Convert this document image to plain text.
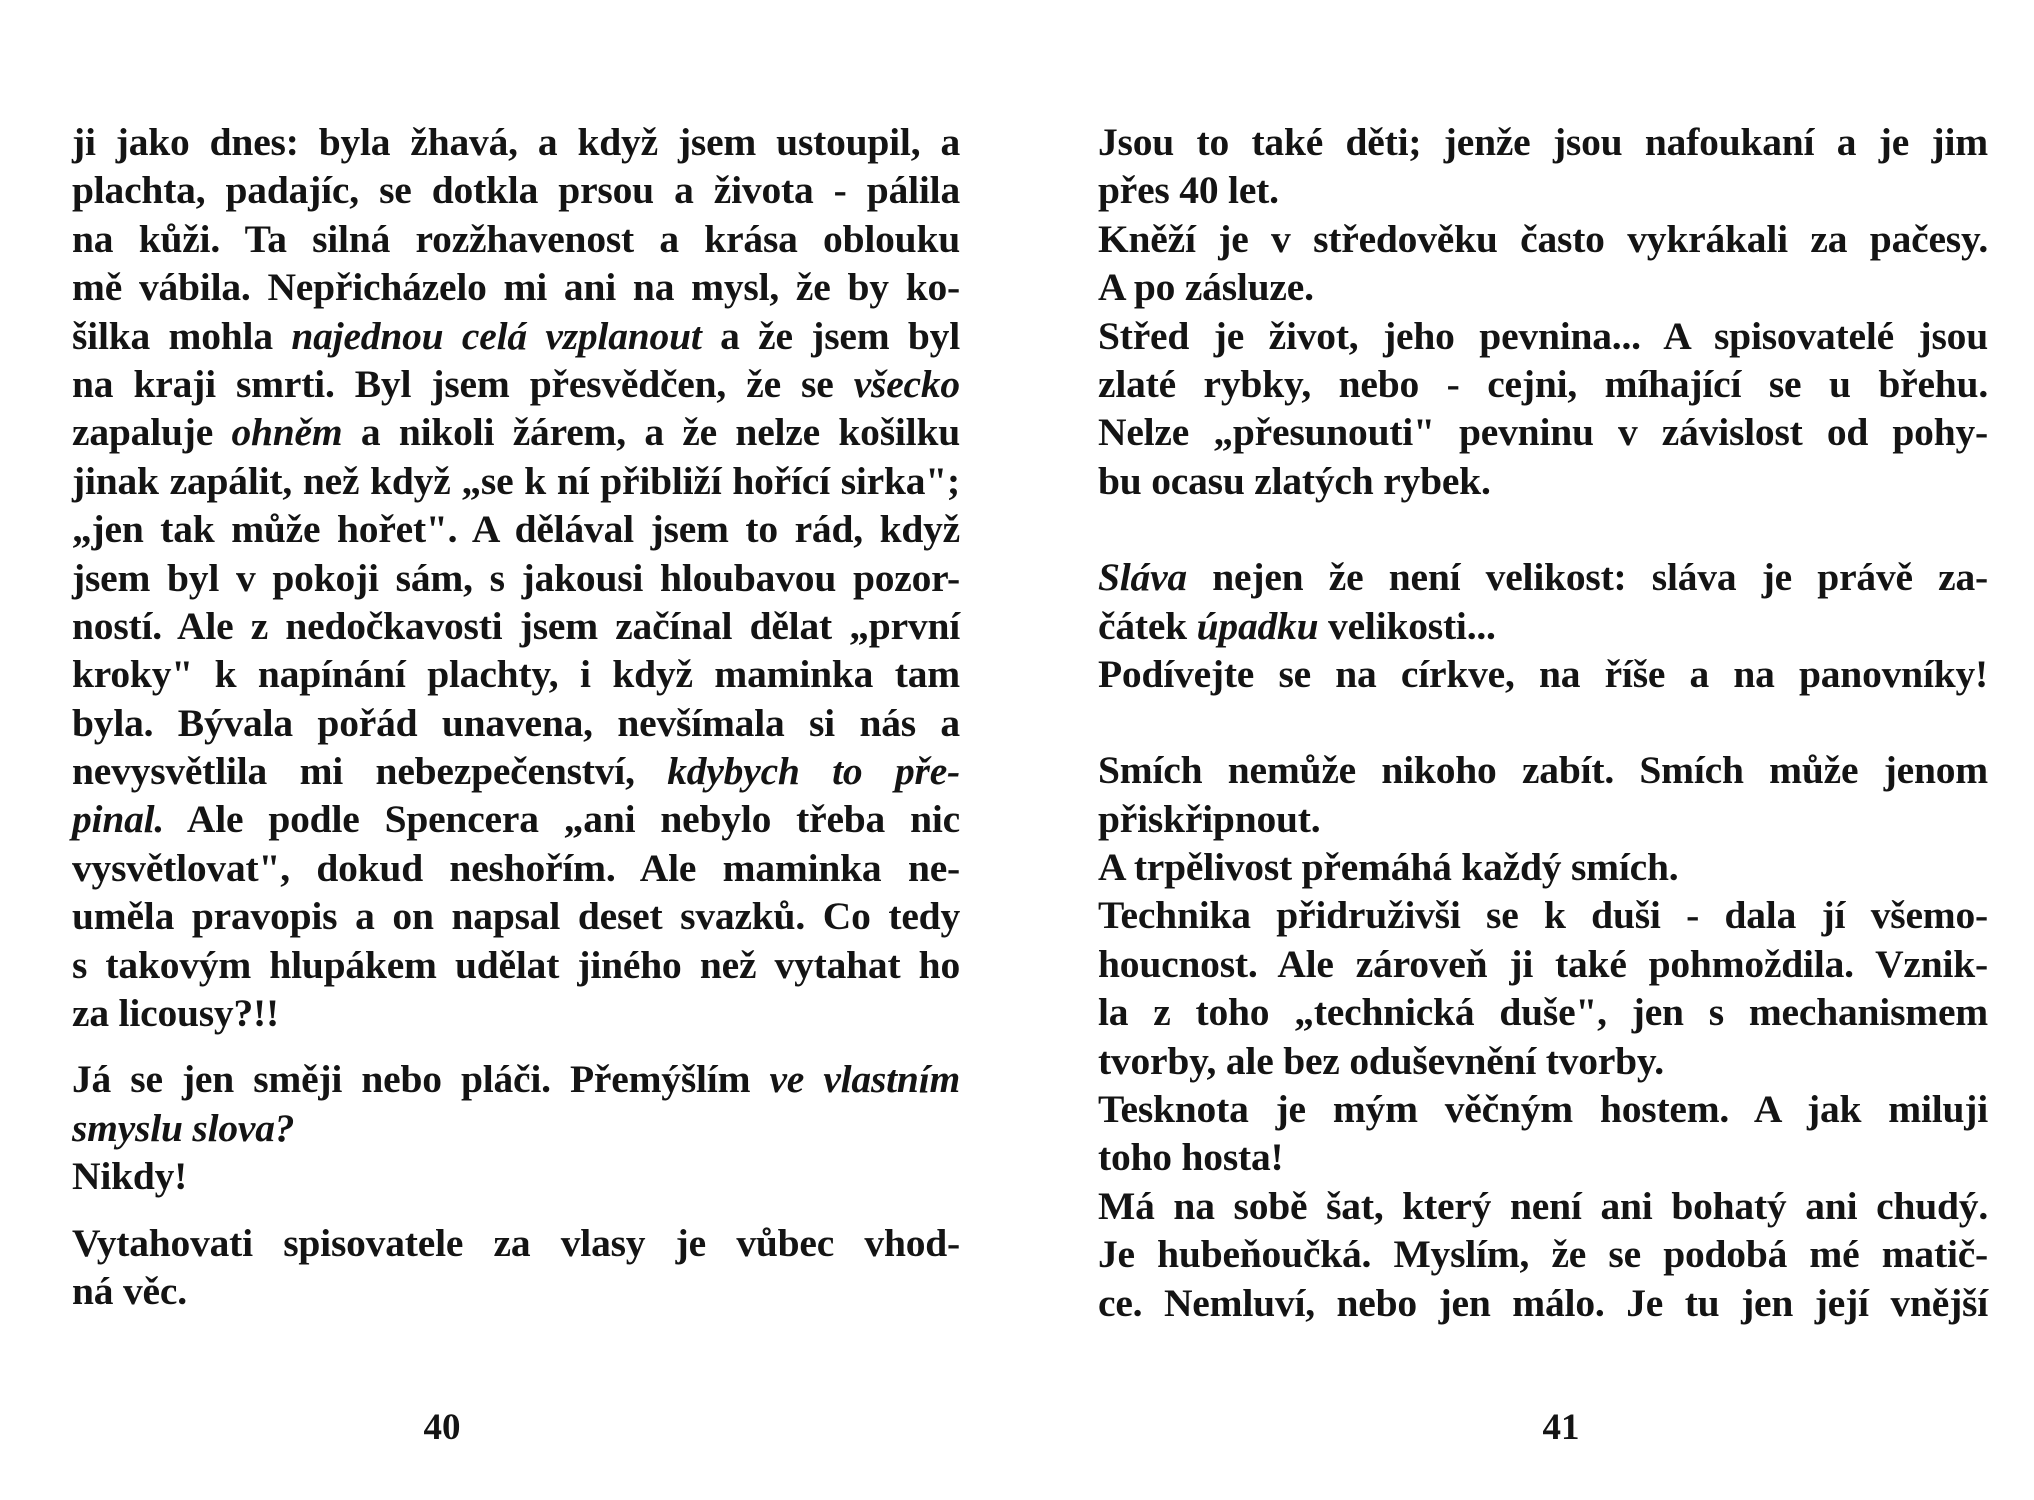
ji jako dnes: byla žhavá, a když jsem ustoupil, a
plachta, padajíc, se dotkla prsou a života - pálila
na kůži. Ta silná rozžhavenost a krása oblouku
mě vábila. Nepřicházelo mi ani na mysl, že by ko-
šilka mohla najednou celá vzplanout a že jsem byl
na kraji smrti. Byl jsem přesvědčen, že se všecko
zapaluje ohněm a nikoli žárem, a že nelze košilku
jinak zapálit, než když „se k ní přibliží hořící sirka";
„jen tak může hořet". A dělával jsem to rád, když
jsem byl v pokoji sám, s jakousi hloubavou pozor-
ností. Ale z nedočkavosti jsem začínal dělat „první
kroky" k napínání plachty, i když maminka tam
byla. Bývala pořád unavena, nevšímala si nás a
nevysvětlila mi nebezpečenství, kdybych to pře-
pinal. Ale podle Spencera „ani nebylo třeba nic
vysvětlovat", dokud neshořím. Ale maminka ne-
uměla pravopis a on napsal deset svazků. Co tedy
s takovým hlupákem udělat jiného než vytahat ho
za licousy?!!
Já se jen směji nebo pláči. Přemýšlím ve vlastním
smyslu slova?
Nikdy!
Vytahovati spisovatele za vlasy je vůbec vhod-
ná věc.
40
Jsou to také děti; jenže jsou nafoukaní a je jim
přes 40 let.
Kněží je v středověku často vykrákali za pačesy.
A po zásluze.
Střed je život, jeho pevnina... A spisovatelé jsou
zlaté rybky, nebo - cejni, míhající se u břehu.
Nelze „přesunouti" pevninu v závislost od pohy-
bu ocasu zlatých rybek.
Sláva nejen že není velikost: sláva je právě za-
čátek úpadku velikosti...
Podívejte se na církve, na říše a na panovníky!
Smích nemůže nikoho zabít. Smích může jenom
přiskřipnout.
A trpělivost přemáhá každý smích.
Technika přidruživši se k duši - dala jí všemo-
houcnost. Ale zároveň ji také pohmoždila. Vznik-
la z toho „technická duše", jen s mechanismem
tvorby, ale bez oduševnění tvorby.
Tesknota je mým věčným hostem. A jak miluji
toho hosta!
Má na sobě šat, který není ani bohatý ani chudý.
Je hubeňoučká. Myslím, že se podobá mé matič-
ce. Nemluví, nebo jen málo. Je tu jen její vnější
41
